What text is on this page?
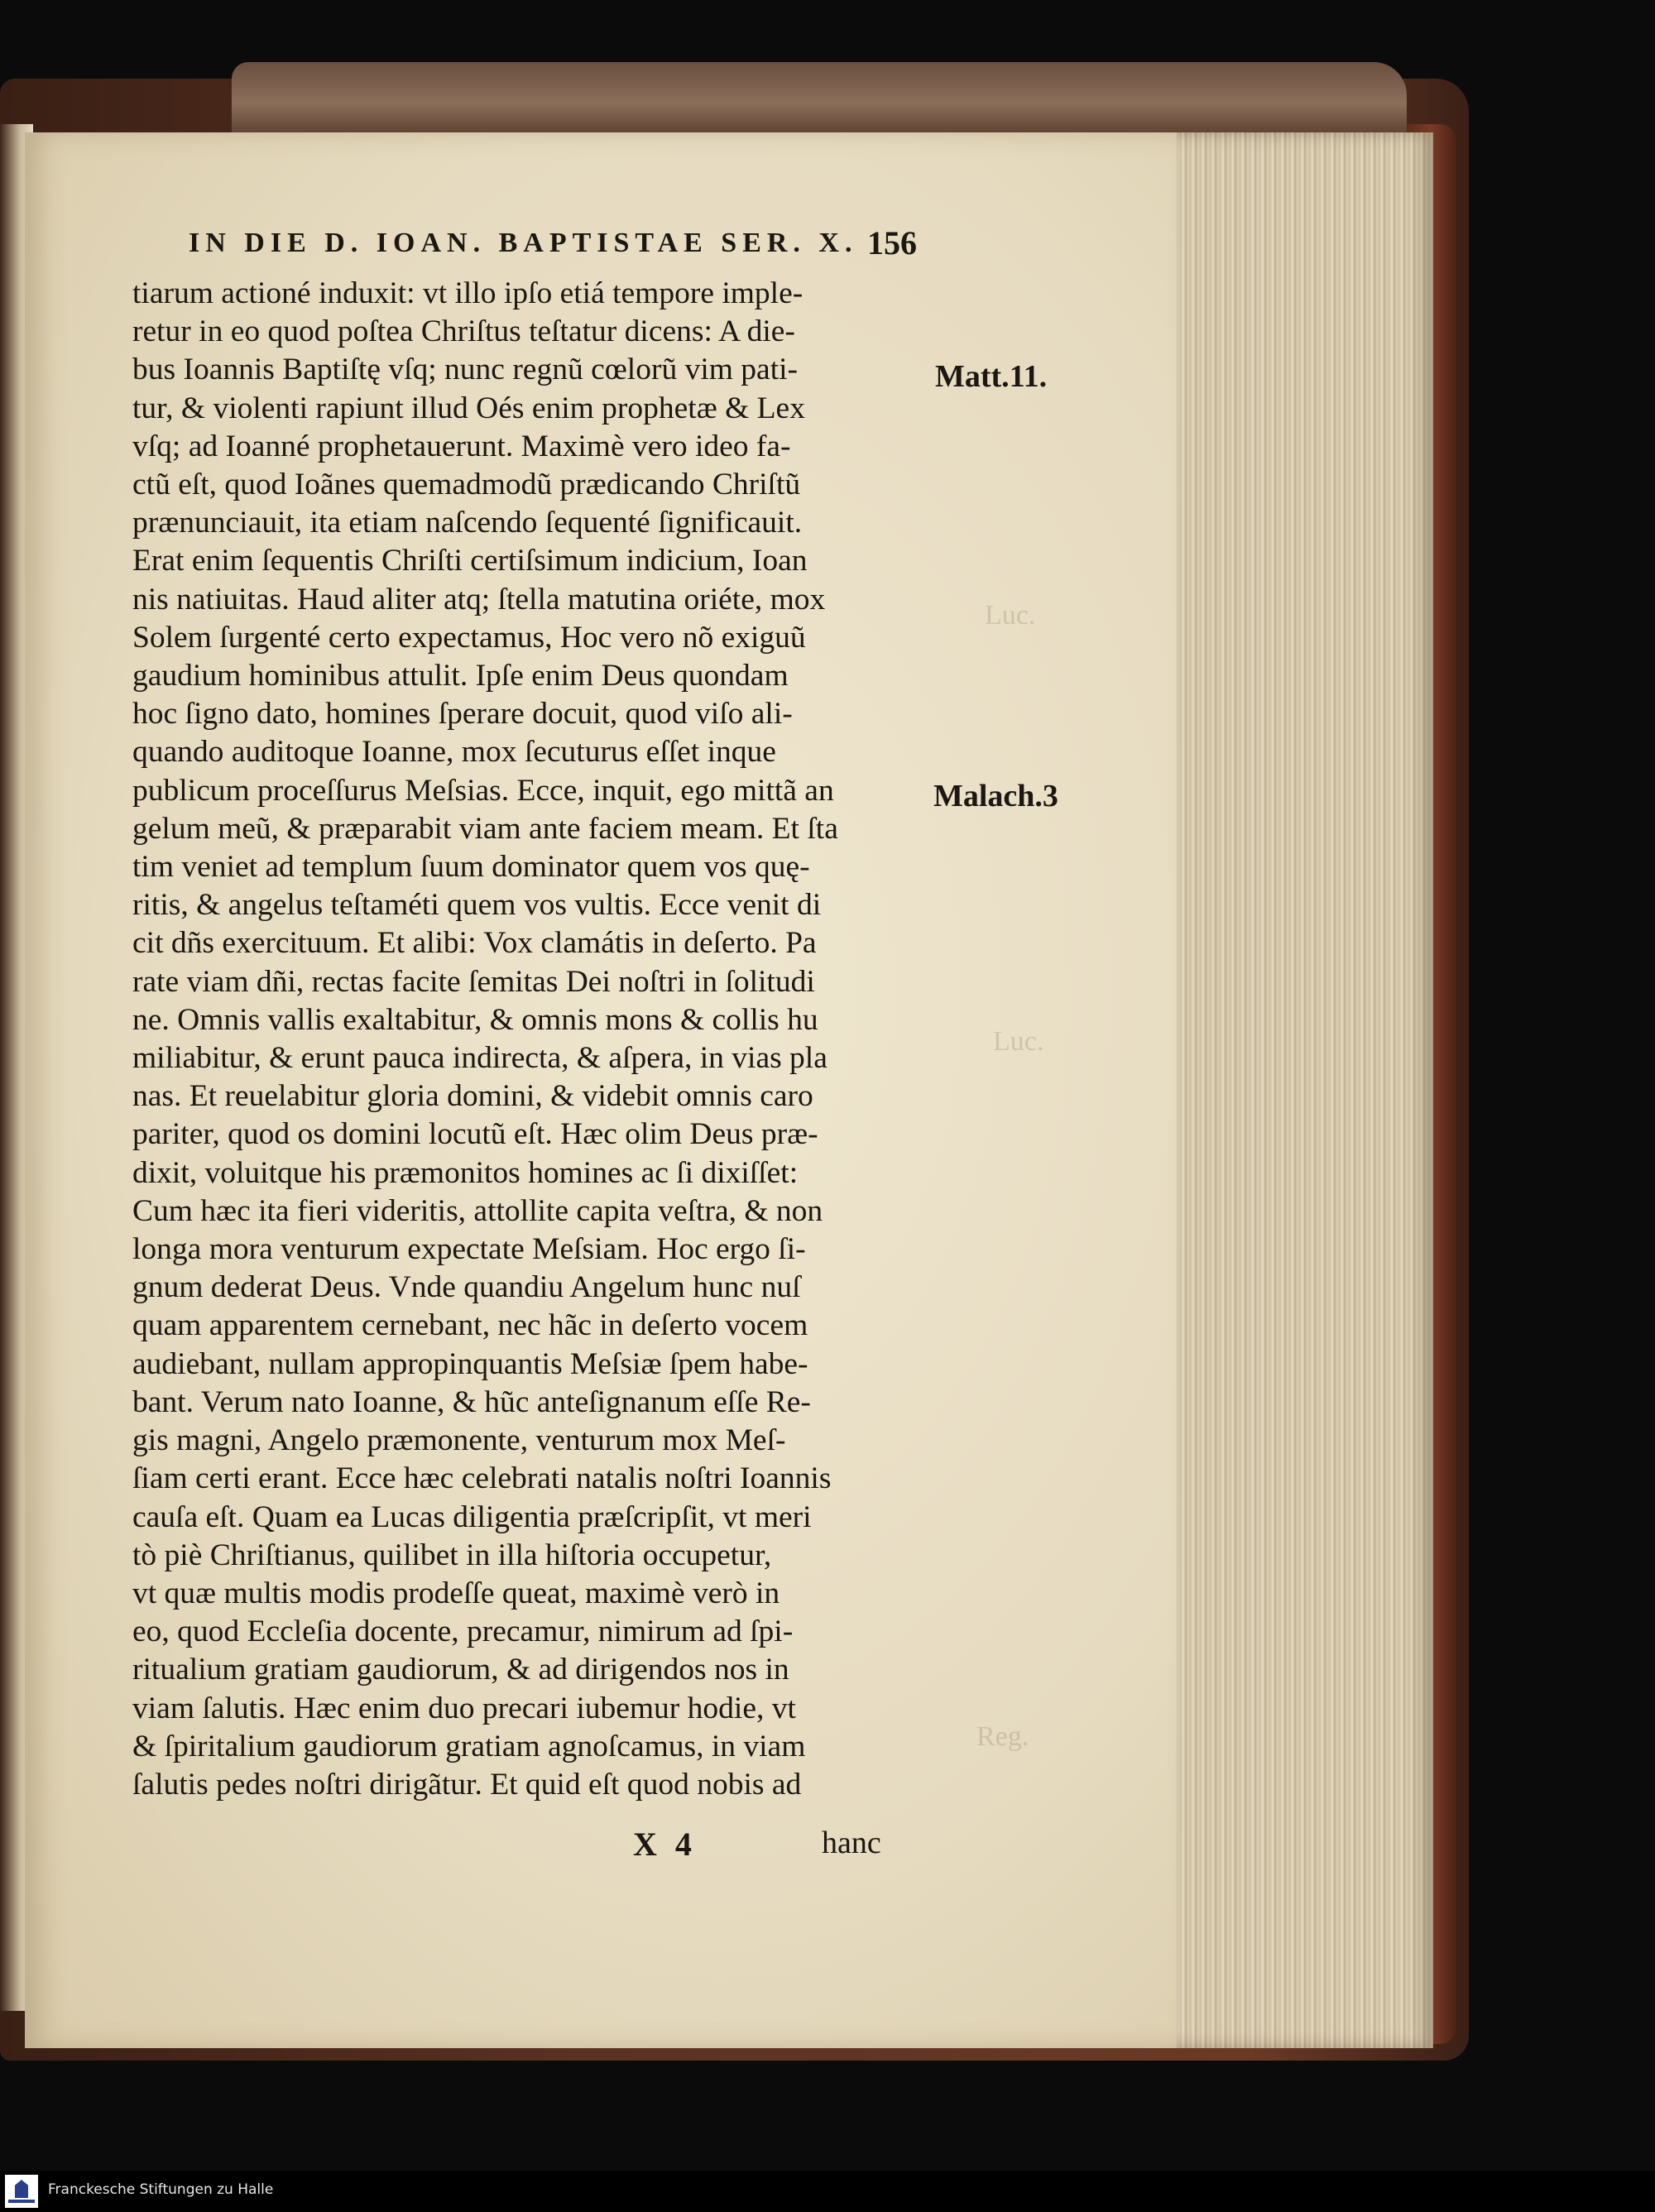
IN DIE D. IOAN. BAPTISTAE SER. X. 156
tiarum actioné induxit: vt illo ipſo etiá tempore imple-
retur in eo quod poſtea Chriſtus teſtatur dicens: A die-
bus Ioannis Baptiſtę vſq; nunc regnũ cœlorũ vim pati-
tur, & violenti rapiunt illud Oés enim prophetæ & Lex
vſq; ad Ioanné prophetauerunt. Maximè vero ideo fa-
ctũ eſt, quod Ioãnes quemadmodũ prædicando Chriſtũ
prænunciauit, ita etiam naſcendo ſequenté ſignificauit.
Erat enim ſequentis Chriſti certiſsimum indicium, Ioan
nis natiuitas. Haud aliter atq; ſtella matutina oriéte, mox
Solem ſurgenté certo expectamus, Hoc vero nõ exiguũ
gaudium hominibus attulit. Ipſe enim Deus quondam
hoc ſigno dato, homines ſperare docuit, quod viſo ali-
quando auditoque Ioanne, mox ſecuturus eſſet inque
publicum proceſſurus Meſsias. Ecce, inquit, ego mittã an
gelum meũ, & præparabit viam ante faciem meam. Et ſta
tim veniet ad templum ſuum dominator quem vos quę-
ritis, & angelus teſtaméti quem vos vultis. Ecce venit di
cit dñs exercituum. Et alibi: Vox clamátis in deſerto. Pa
rate viam dñi, rectas facite ſemitas Dei noſtri in ſolitudi
ne. Omnis vallis exaltabitur, & omnis mons & collis hu
miliabitur, & erunt pauca indirecta, & aſpera, in vias pla
nas. Et reuelabitur gloria domini, & videbit omnis caro
pariter, quod os domini locutũ eſt. Hæc olim Deus præ-
dixit, voluitque his præmonitos homines ac ſi dixiſſet:
Cum hæc ita fieri videritis, attollite capita veſtra, & non
longa mora venturum expectate Meſsiam. Hoc ergo ſi-
gnum dederat Deus. Vnde quandiu Angelum hunc nuſ
quam apparentem cernebant, nec hãc in deſerto vocem
audiebant, nullam appropinquantis Meſsiæ ſpem habe-
bant. Verum nato Ioanne, & hũc anteſignanum eſſe Re-
gis magni, Angelo præmonente, venturum mox Meſ-
ſiam certi erant. Ecce hæc celebrati natalis noſtri Ioannis
cauſa eſt. Quam ea Lucas diligentia præſcripſit, vt meri
tò piè Chriſtianus, quilibet in illa hiſtoria occupetur,
vt quæ multis modis prodeſſe queat, maximè verò in
eo, quod Eccleſia docente, precamur, nimirum ad ſpi-
ritualium gratiam gaudiorum, & ad dirigendos nos in
viam ſalutis. Hæc enim duo precari iubemur hodie, vt
& ſpiritalium gaudiorum gratiam agnoſcamus, in viam
ſalutis pedes noſtri dirigãtur. Et quid eſt quod nobis ad
Matt.11.
Malach.3
Luc.
Luc.
Reg.
X 4	hanc
Franckesche Stiftungen zu Halle
